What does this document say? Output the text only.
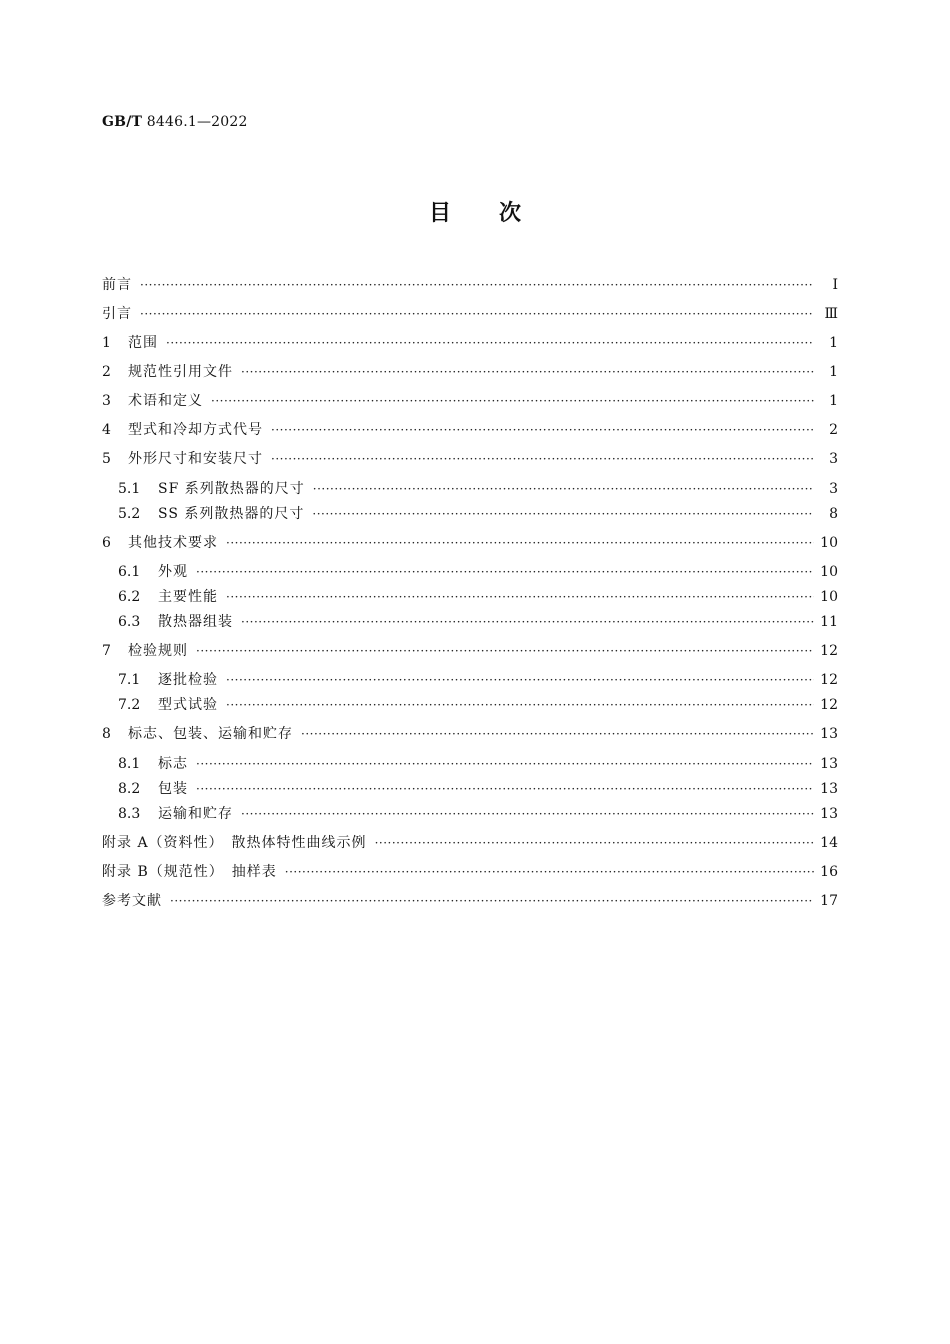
GB/T 8446.1—2022
目次
前言 ·····	Ⅰ
引言 ·····	Ⅲ
1	范围 ·····	1
2	规范性引用文件 ·····	1
3	术语和定义 ·····	1
4	型式和冷却方式代号 ·····	2
5	外形尺寸和安装尺寸 ·····	3
5.1	SF 系列散热器的尺寸 ·····	3
5.2	SS 系列散热器的尺寸 ·····	8
6	其他技术要求 ·····	10
6.1	外观 ·····	10
6.2	主要性能 ·····	10
6.3	散热器组装 ·····	11
7	检验规则 ·····	12
7.1	逐批检验 ·····	12
7.2	型式试验 ·····	12
8	标志、包装、运输和贮存 ·····	13
8.1	标志 ·····	13
8.2	包装 ·····	13
8.3	运输和贮存 ·····	13
附录 A（资料性）　散热体特性曲线示例 ·····	14
附录 B（规范性）　抽样表 ·····	16
参考文献 ·····	17
